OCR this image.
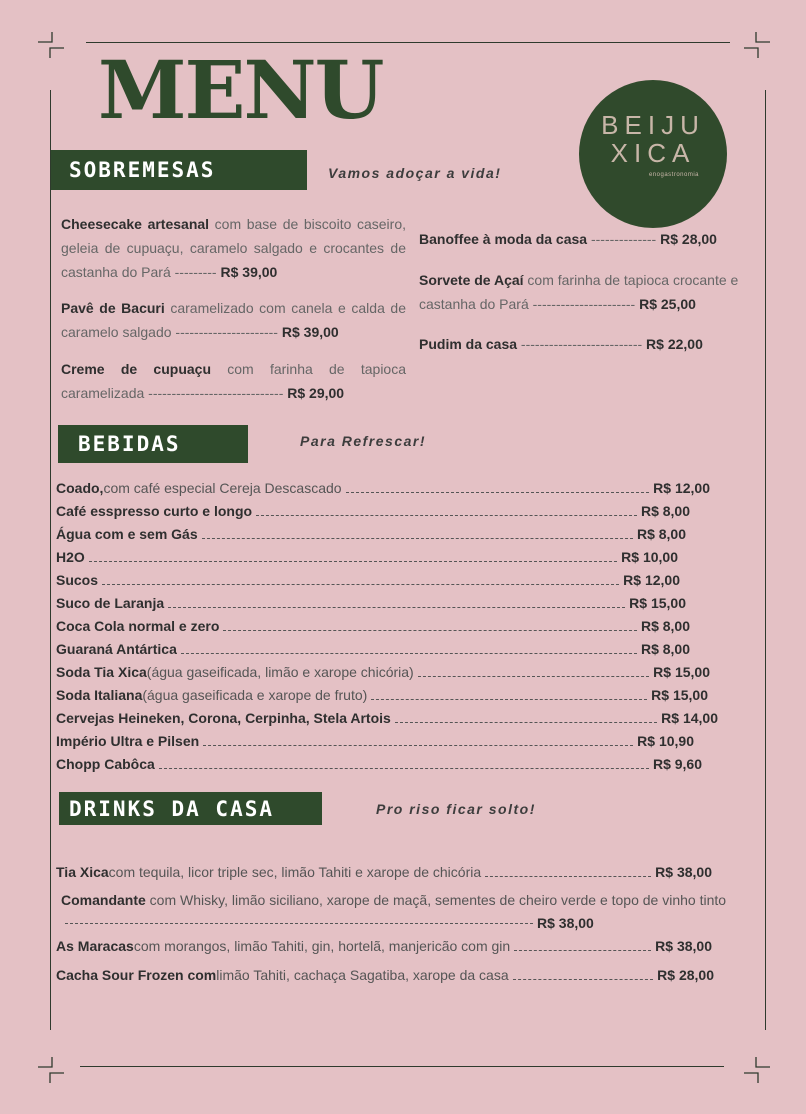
MENU	BEIJU
XICA
enogastronomia
SOBREMESAS	Vamos adoçar a vida!
Cheesecake artesanal com base de biscoito caseiro, geleia de cupuaçu, caramelo salgado e crocantes de castanha do Pará --------- R$ 39,00
Pavê de Bacuri caramelizado com canela e calda de caramelo salgado ---------------------- R$ 39,00
Creme de cupuaçu com farinha de tapioca caramelizada ----------------------------- R$ 29,00
Banoffee à moda da casa -------------- R$ 28,00
Sorvete de Açaí com farinha de tapioca crocante e castanha do Pará ---------------------- R$ 25,00
Pudim da casa -------------------------- R$ 22,00
BEBIDAS	Para Refrescar!
Coado, com café especial Cereja Descascado	R$ 12,00
Café esspresso curto e longo	R$ 8,00
Água com e sem Gás	R$ 8,00
H2O	R$ 10,00
Sucos	R$ 12,00
Suco de Laranja	R$ 15,00
Coca Cola normal e zero	R$ 8,00
Guaraná Antártica	R$ 8,00
Soda Tia Xica (água gaseificada, limão e xarope chicória)	R$ 15,00
Soda Italiana (água gaseificada e xarope de fruto)	R$ 15,00
Cervejas Heineken, Corona, Cerpinha, Stela Artois	R$ 14,00
Império Ultra e Pilsen	R$ 10,90
Chopp Cabôca	R$ 9,60
DRINKS DA CASA	Pro riso ficar solto!
Tia Xica com tequila, licor triple sec, limão Tahiti e xarope de chicória	R$ 38,00
Comandante com Whisky, limão siciliano, xarope de maçã, sementes de cheiro verde e topo de vinho tinto R$ 38,00
As Maracas com morangos, limão Tahiti, gin, hortelã, manjericão com gin	R$ 38,00
Cacha Sour Frozen com limão Tahiti, cachaça Sagatiba, xarope da casa	R$ 28,00
